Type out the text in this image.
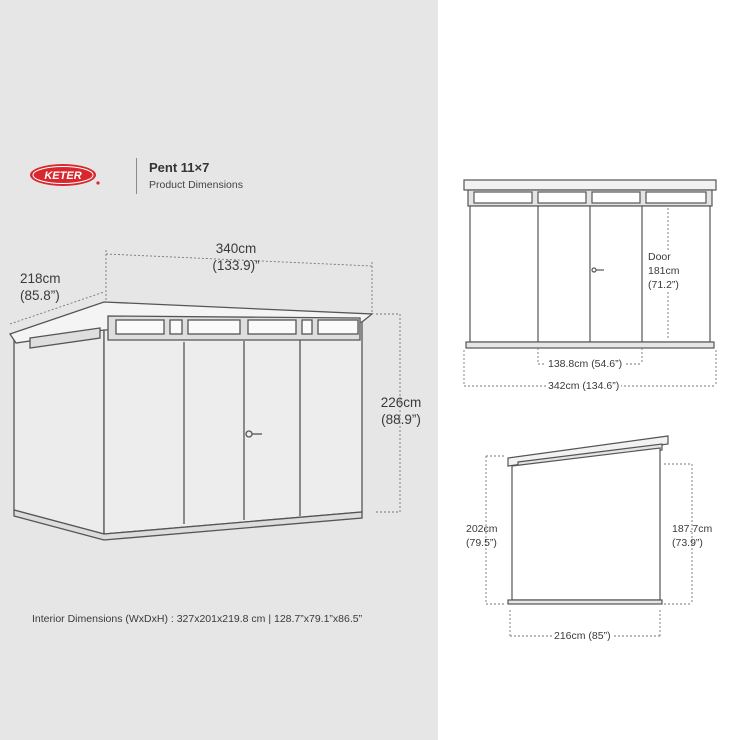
KETER
Pent 11×7
Product Dimensions
340cm
(133.9)”
218cm
(85.8”)
226cm
(88.9”)
Door
181cm
(71.2”)
138.8cm (54.6”)
342cm (134.6”)
202cm
(79.5”)
187.7cm
(73.9”)
216cm (85”)
Interior Dimensions (WxDxH) : 327x201x219.8 cm | 128.7”x79.1”x86.5”
